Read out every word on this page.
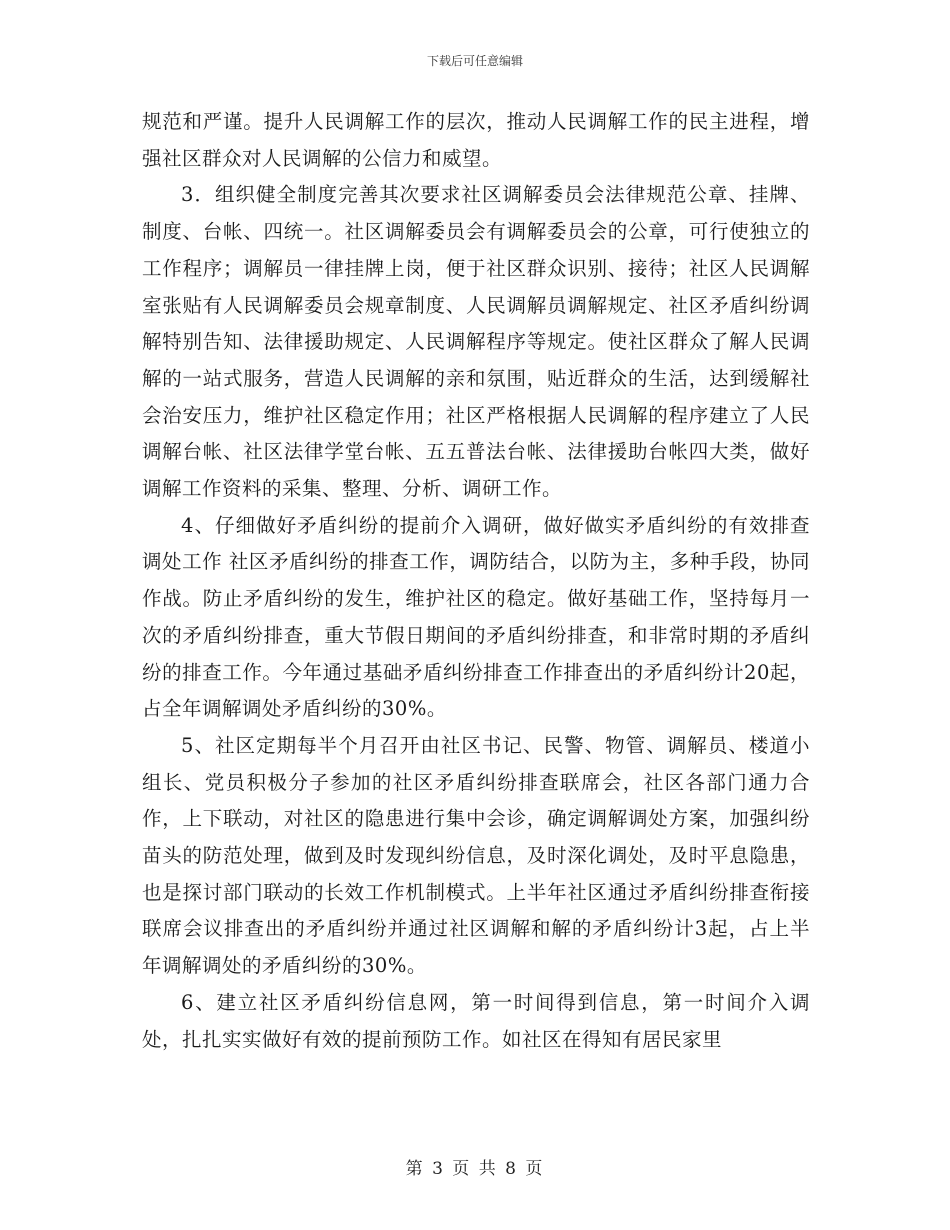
下载后可任意编辑

规范和严谨。提升人民调解工作的层次，推动人民调解工作的民主进程，增强社区群众对人民调解的公信力和威望。

3．组织健全制度完善其次要求社区调解委员会法律规范公章、挂牌、制度、台帐、四统一。社区调解委员会有调解委员会的公章，可行使独立的工作程序；调解员一律挂牌上岗，便于社区群众识别、接待；社区人民调解室张贴有人民调解委员会规章制度、人民调解员调解规定、社区矛盾纠纷调解特别告知、法律援助规定、人民调解程序等规定。使社区群众了解人民调解的一站式服务，营造人民调解的亲和氛围，贴近群众的生活，达到缓解社会治安压力，维护社区稳定作用；社区严格根据人民调解的程序建立了人民调解台帐、社区法律学堂台帐、五五普法台帐、法律援助台帐四大类，做好调解工作资料的采集、整理、分析、调研工作。

4、仔细做好矛盾纠纷的提前介入调研，做好做实矛盾纠纷的有效排查调处工作 社区矛盾纠纷的排查工作，调防结合，以防为主，多种手段，协同作战。防止矛盾纠纷的发生，维护社区的稳定。做好基础工作，坚持每月一次的矛盾纠纷排查，重大节假日期间的矛盾纠纷排查，和非常时期的矛盾纠纷的排查工作。今年通过基础矛盾纠纷排查工作排查出的矛盾纠纷计20起，占全年调解调处矛盾纠纷的30%。

5、社区定期每半个月召开由社区书记、民警、物管、调解员、楼道小组长、党员积极分子参加的社区矛盾纠纷排查联席会，社区各部门通力合作，上下联动，对社区的隐患进行集中会诊，确定调解调处方案，加强纠纷苗头的防范处理，做到及时发现纠纷信息，及时深化调处，及时平息隐患，也是探讨部门联动的长效工作机制模式。上半年社区通过矛盾纠纷排查衔接联席会议排查出的矛盾纠纷并通过社区调解和解的矛盾纠纷计3起，占上半年调解调处的矛盾纠纷的30%。

6、建立社区矛盾纠纷信息网，第一时间得到信息，第一时间介入调处，扎扎实实做好有效的提前预防工作。如社区在得知有居民家里

第 3 页 共 8 页
